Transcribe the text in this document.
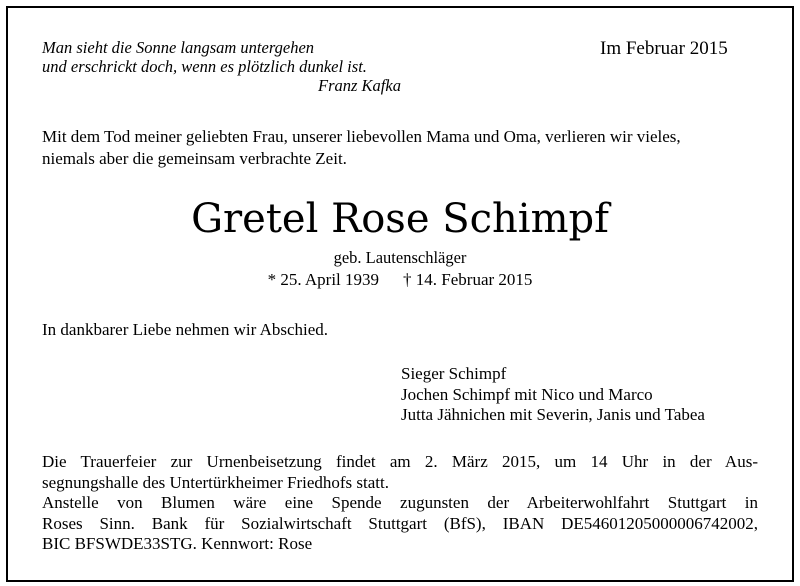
Man sieht die Sonne langsam untergehen
und erschrickt doch, wenn es plötzlich dunkel ist.
Franz Kafka
Im Februar 2015
Mit dem Tod meiner geliebten Frau, unserer liebevollen Mama und Oma, verlieren wir vieles,
niemals aber die gemeinsam verbrachte Zeit.
Gretel Rose Schimpf
geb. Lautenschläger
* 25. April 1939 † 14. Februar 2015
In dankbarer Liebe nehmen wir Abschied.
Sieger Schimpf
Jochen Schimpf mit Nico und Marco
Jutta Jähnichen mit Severin, Janis und Tabea
Die Trauerfeier zur Urnenbeisetzung findet am 2. März 2015, um 14 Uhr in der Aus-
segnungshalle des Untertürkheimer Friedhofs statt.
Anstelle von Blumen wäre eine Spende zugunsten der Arbeiterwohlfahrt Stuttgart in
Roses Sinn. Bank für Sozialwirtschaft Stuttgart (BfS), IBAN DE54601205000006742002,
BIC BFSWDE33STG. Kennwort: Rose
